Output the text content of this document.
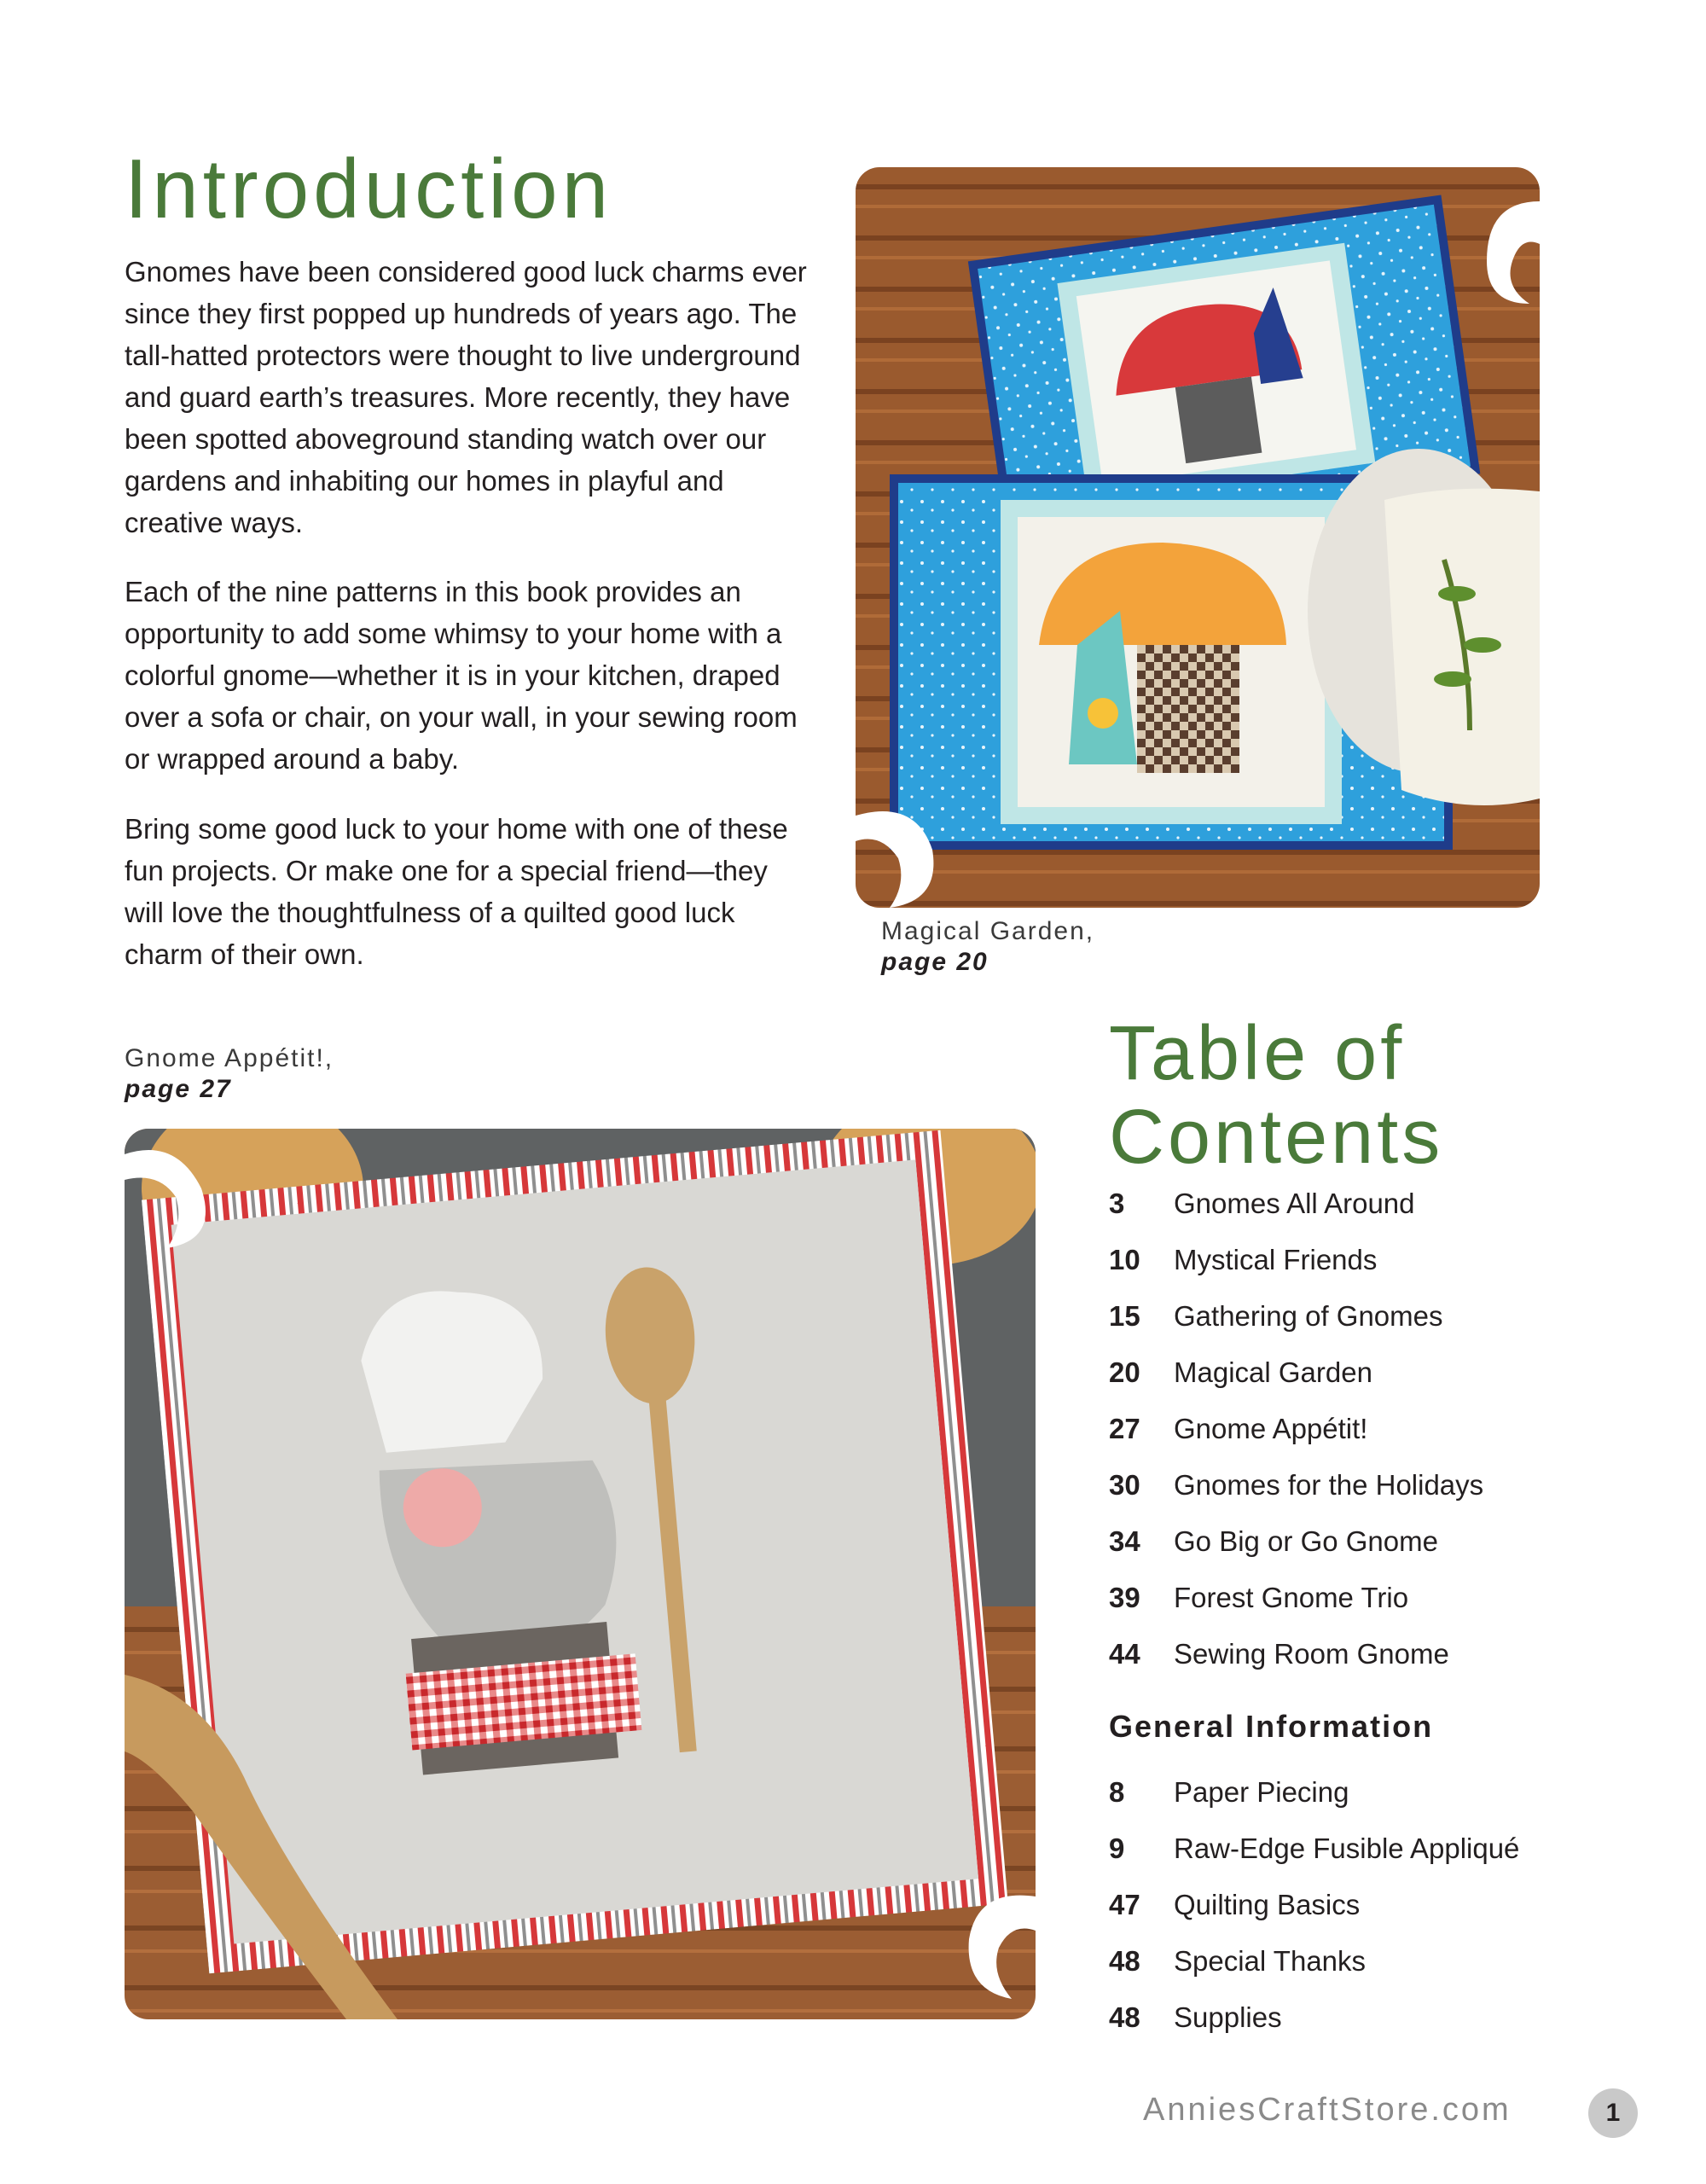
Introduction

Gnomes have been considered good luck charms ever since they first popped up hundreds of years ago. The tall-hatted protectors were thought to live underground and guard earth’s treasures. More recently, they have been spotted aboveground standing watch over our gardens and inhabiting our homes in playful and creative ways.

Each of the nine patterns in this book provides an opportunity to add some whimsy to your home with a colorful gnome—whether it is in your kitchen, draped over a sofa or chair, on your wall, in your sewing room or wrapped around a baby.

Bring some good luck to your home with one of these fun projects. Or make one for a special friend—they will love the thoughtfulness of a quilted good luck charm of their own.

Magical Garden,
page 20

Gnome Appétit!,
page 27	Table of
Contents
3	Gnomes All Around
10	Mystical Friends
15	Gathering of Gnomes
20	Magical Garden
27	Gnome Appétit!
30	Gnomes for the Holidays
34	Go Big or Go Gnome
39	Forest Gnome Trio
44	Sewing Room Gnome
General Information
8	Paper Piecing
9	Raw-Edge Fusible Appliqué
47	Quilting Basics
48	Special Thanks
48	Supplies
AnniesCraftStore.com	1
